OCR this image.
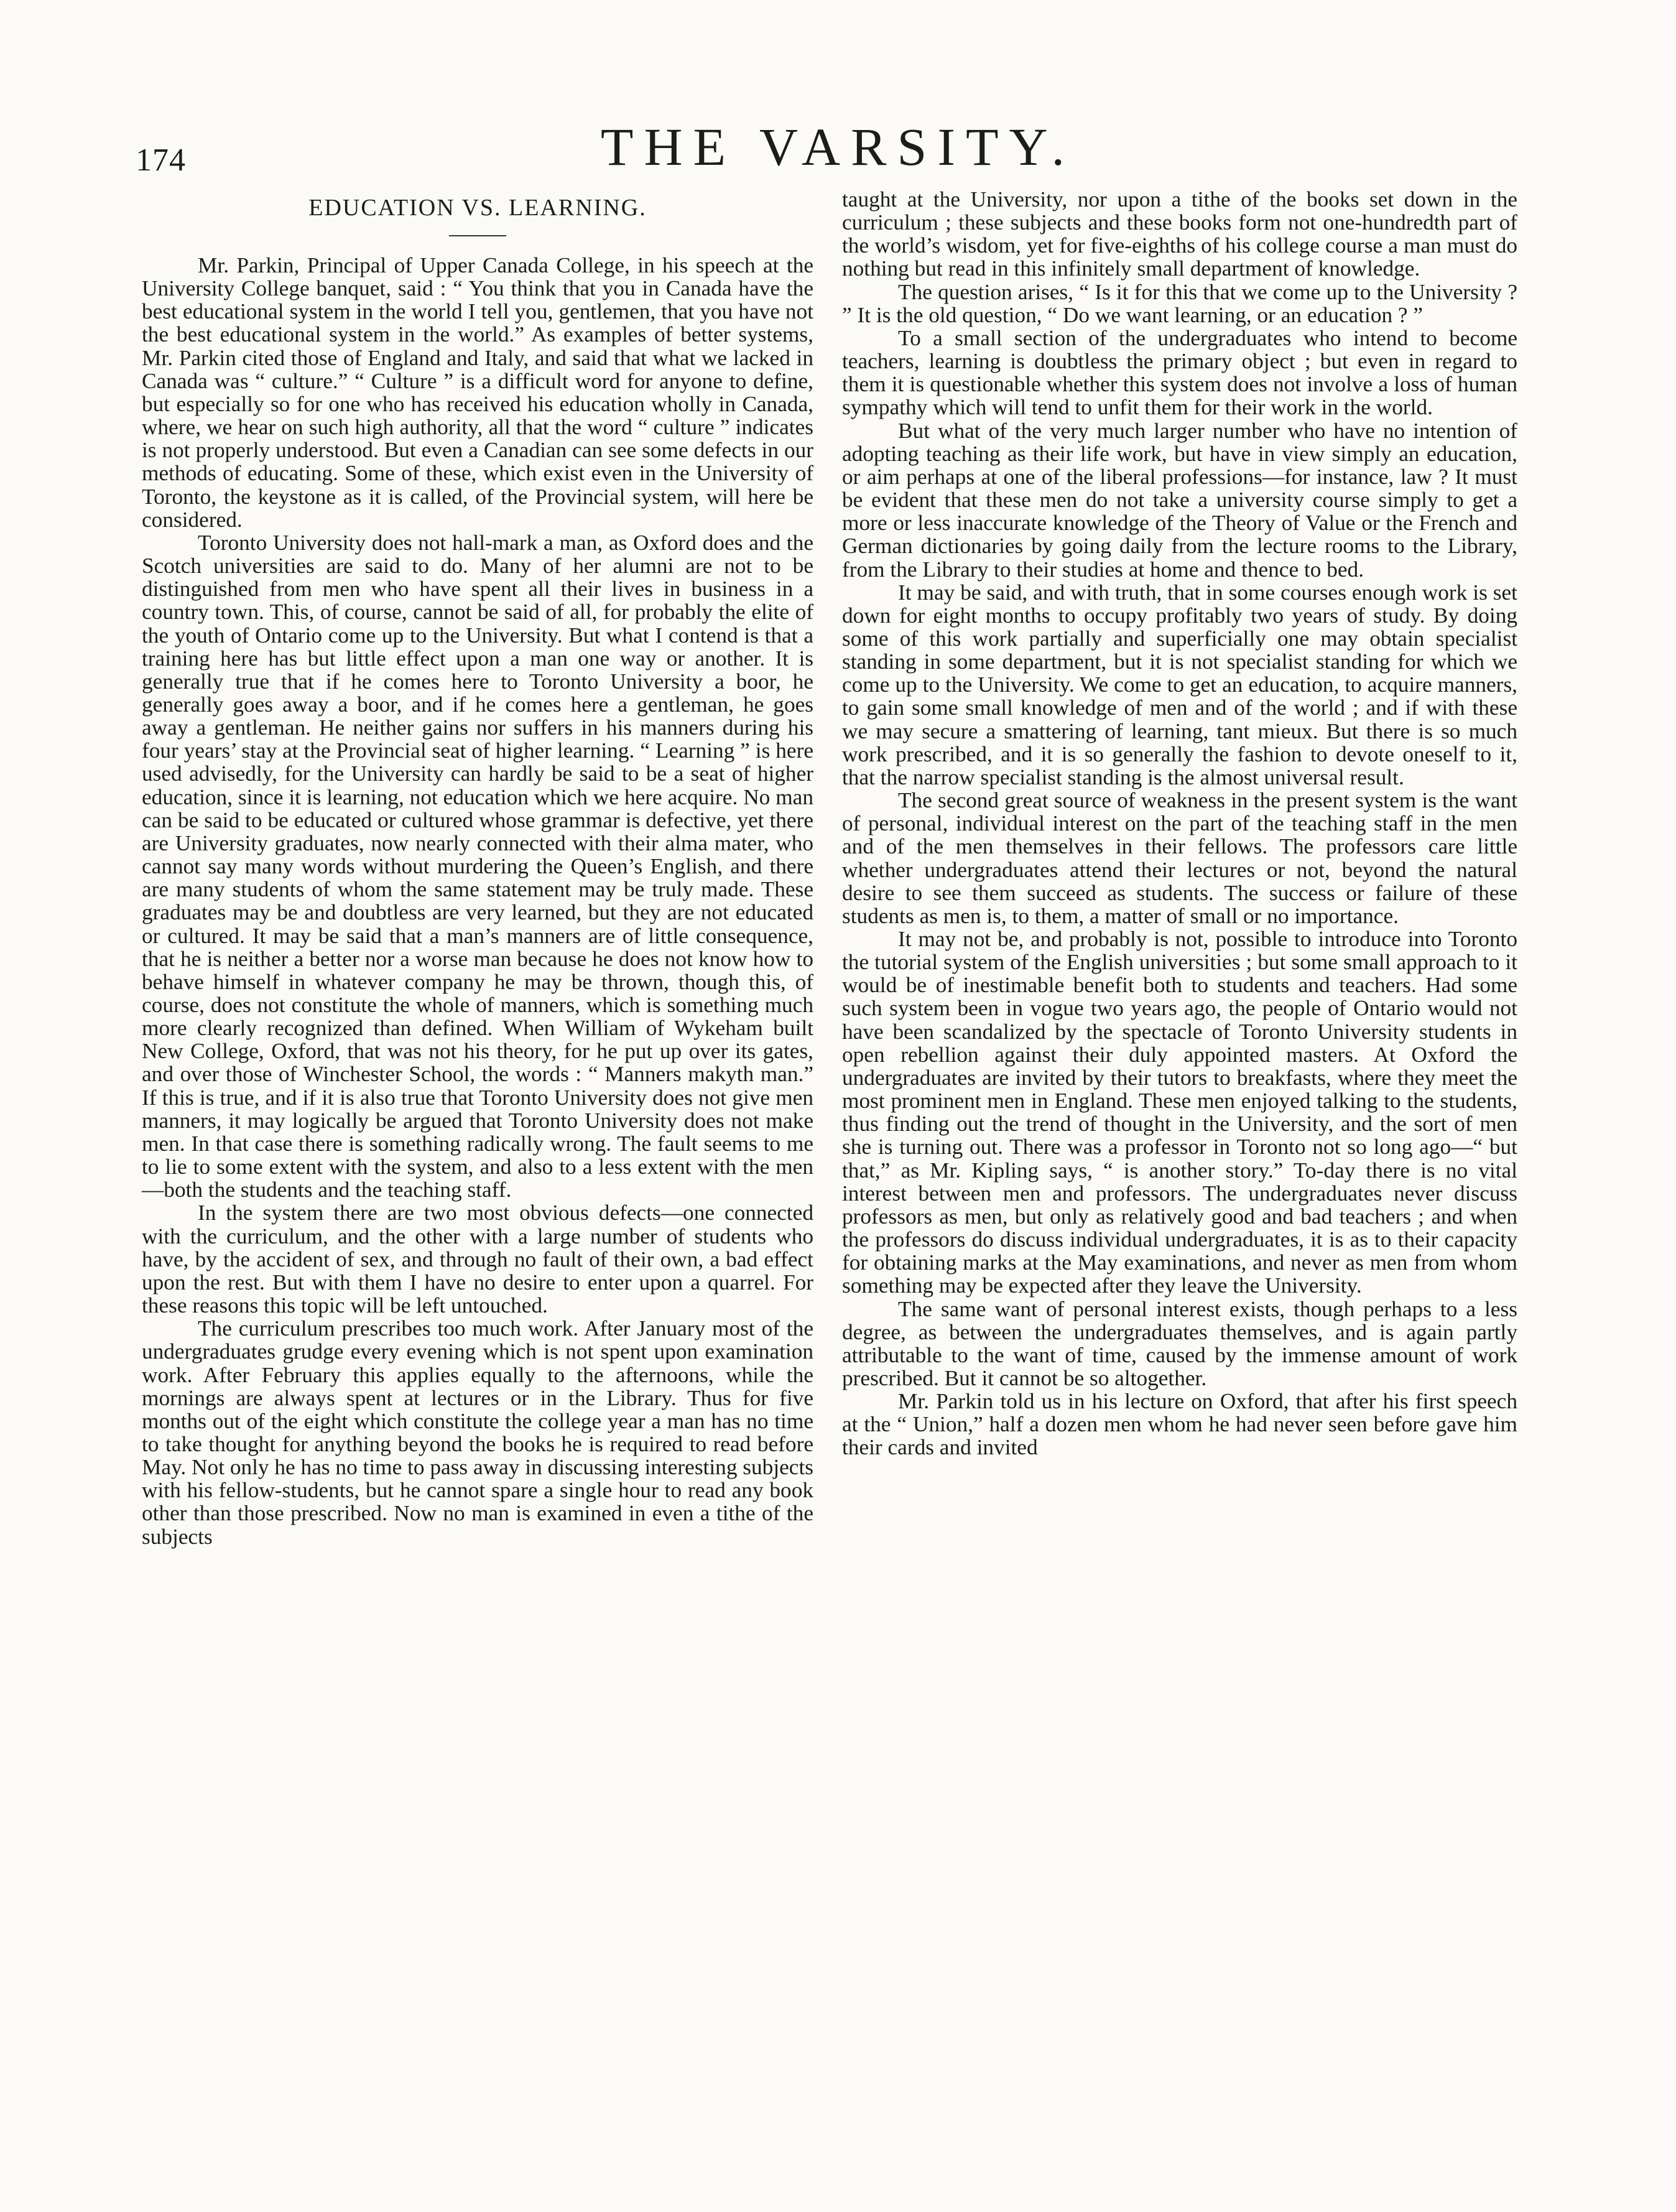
174	THE VARSITY.
EDUCATION VS. LEARNING.

Mr. Parkin, Principal of Upper Canada College, in his speech at the University College banquet, said : “ You think that you in Canada have the best educational system in the world I tell you, gentlemen, that you have not the best educational system in the world.” As examples of better systems, Mr. Parkin cited those of England and Italy, and said that what we lacked in Canada was “ culture.” “ Culture ” is a difficult word for anyone to define, but especially so for one who has received his education wholly in Canada, where, we hear on such high authority, all that the word “ culture ” indicates is not properly understood. But even a Canadian can see some defects in our methods of educating. Some of these, which exist even in the University of Toronto, the keystone as it is called, of the Provincial system, will here be considered.

Toronto University does not hall-mark a man, as Oxford does and the Scotch universities are said to do. Many of her alumni are not to be distinguished from men who have spent all their lives in business in a country town. This, of course, cannot be said of all, for probably the elite of the youth of Ontario come up to the University. But what I contend is that a training here has but little effect upon a man one way or another. It is generally true that if he comes here to Toronto University a boor, he generally goes away a boor, and if he comes here a gentleman, he goes away a gentleman. He neither gains nor suffers in his manners during his four years’ stay at the Provincial seat of higher learning. “ Learning ” is here used advisedly, for the University can hardly be said to be a seat of higher education, since it is learning, not education which we here acquire. No man can be said to be educated or cultured whose grammar is defective, yet there are University graduates, now nearly connected with their alma mater, who cannot say many words without murdering the Queen’s English, and there are many students of whom the same statement may be truly made. These graduates may be and doubtless are very learned, but they are not educated or cultured. It may be said that a man’s manners are of little consequence, that he is neither a better nor a worse man because he does not know how to behave himself in whatever company he may be thrown, though this, of course, does not constitute the whole of manners, which is something much more clearly recognized than defined. When William of Wykeham built New College, Oxford, that was not his theory, for he put up over its gates, and over those of Winchester School, the words : “ Manners makyth man.” If this is true, and if it is also true that Toronto University does not give men manners, it may logically be argued that Toronto University does not make men. In that case there is something radically wrong. The fault seems to me to lie to some extent with the system, and also to a less extent with the men—both the students and the teaching staff.

In the system there are two most obvious defects—one connected with the curriculum, and the other with a large number of students who have, by the accident of sex, and through no fault of their own, a bad effect upon the rest. But with them I have no desire to enter upon a quarrel. For these reasons this topic will be left untouched.

The curriculum prescribes too much work. After January most of the undergraduates grudge every evening which is not spent upon examination work. After February this applies equally to the afternoons, while the mornings are always spent at lectures or in the Library. Thus for five months out of the eight which constitute the college year a man has no time to take thought for anything beyond the books he is required to read before May. Not only he has no time to pass away in discussing interesting subjects with his fellow-students, but he cannot spare a single hour to read any book other than those prescribed. Now no man is examined in even a tithe of the subjects

taught at the University, nor upon a tithe of the books set down in the curriculum ; these subjects and these books form not one-hundredth part of the world’s wisdom, yet for five-eighths of his college course a man must do nothing but read in this infinitely small department of knowledge.

The question arises, “ Is it for this that we come up to the University ? ” It is the old question, “ Do we want learning, or an education ? ”

To a small section of the undergraduates who intend to become teachers, learning is doubtless the primary object ; but even in regard to them it is questionable whether this system does not involve a loss of human sympathy which will tend to unfit them for their work in the world.

But what of the very much larger number who have no intention of adopting teaching as their life work, but have in view simply an education, or aim perhaps at one of the liberal professions—for instance, law ? It must be evident that these men do not take a university course simply to get a more or less inaccurate knowledge of the Theory of Value or the French and German dictionaries by going daily from the lecture rooms to the Library, from the Library to their studies at home and thence to bed.

It may be said, and with truth, that in some courses enough work is set down for eight months to occupy profitably two years of study. By doing some of this work partially and superficially one may obtain specialist standing in some department, but it is not specialist standing for which we come up to the University. We come to get an education, to acquire manners, to gain some small knowledge of men and of the world ; and if with these we may secure a smattering of learning, tant mieux. But there is so much work prescribed, and it is so generally the fashion to devote oneself to it, that the narrow specialist standing is the almost universal result.

The second great source of weakness in the present system is the want of personal, individual interest on the part of the teaching staff in the men and of the men themselves in their fellows. The professors care little whether undergraduates attend their lectures or not, beyond the natural desire to see them succeed as students. The success or failure of these students as men is, to them, a matter of small or no importance.

It may not be, and probably is not, possible to introduce into Toronto the tutorial system of the English universities ; but some small approach to it would be of inestimable benefit both to students and teachers. Had some such system been in vogue two years ago, the people of Ontario would not have been scandalized by the spectacle of Toronto University students in open rebellion against their duly appointed masters. At Oxford the undergraduates are invited by their tutors to breakfasts, where they meet the most prominent men in England. These men enjoyed talking to the students, thus finding out the trend of thought in the University, and the sort of men she is turning out. There was a professor in Toronto not so long ago—“ but that,” as Mr. Kipling says, “ is another story.” To-day there is no vital interest between men and professors. The undergraduates never discuss professors as men, but only as relatively good and bad teachers ; and when the professors do discuss individual undergraduates, it is as to their capacity for obtaining marks at the May examinations, and never as men from whom something may be expected after they leave the University.

The same want of personal interest exists, though perhaps to a less degree, as between the undergraduates themselves, and is again partly attributable to the want of time, caused by the immense amount of work prescribed. But it cannot be so altogether.

Mr. Parkin told us in his lecture on Oxford, that after his first speech at the “ Union,” half a dozen men whom he had never seen before gave him their cards and invited
